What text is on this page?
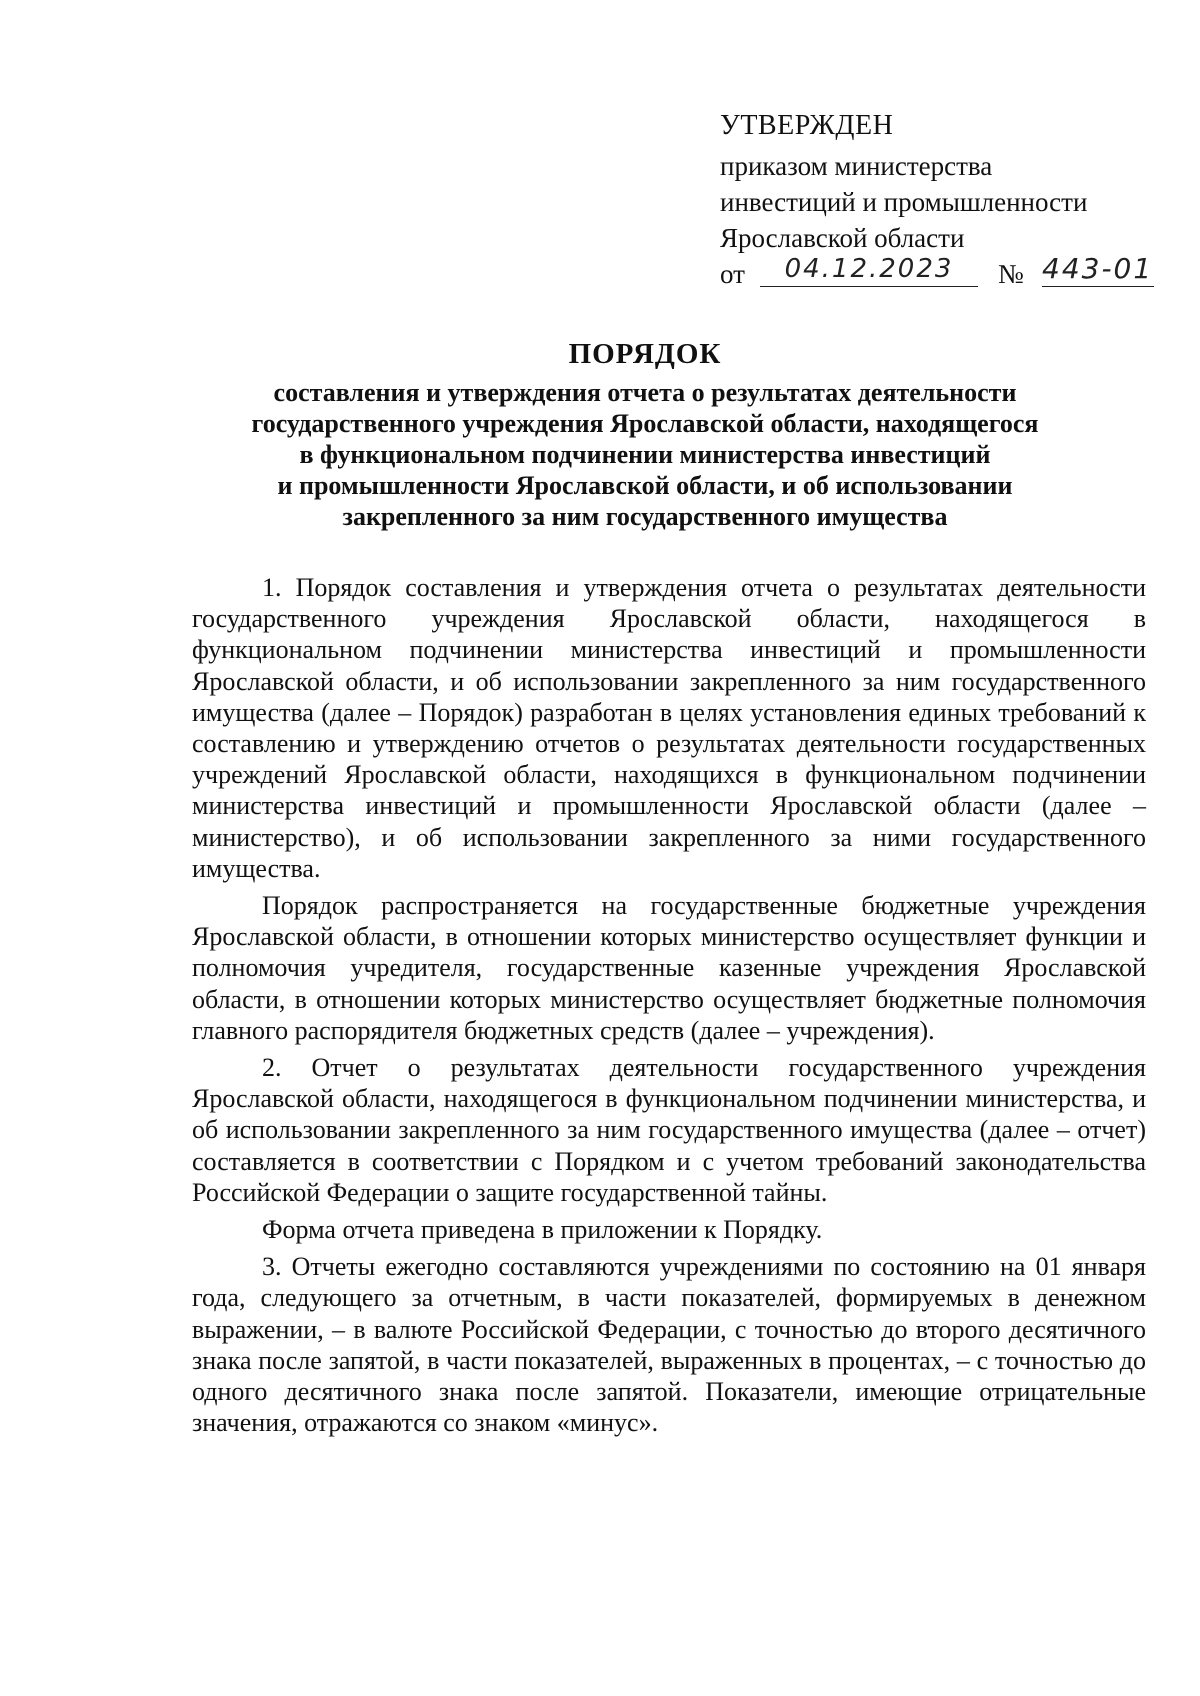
УТВЕРЖДЕН
приказом министерства
инвестиций и промышленности
Ярославской области
от	04.12.2023	№ 443-01
ПОРЯДОК
составления и утверждения отчета о результатах деятельности
государственного учреждения Ярославской области, находящегося
в функциональном подчинении министерства инвестиций
и промышленности Ярославской области, и об использовании
закрепленного за ним государственного имущества

1. Порядок составления и утверждения отчета о результатах деятельности государственного учреждения Ярославской области, находящегося в функциональном подчинении министерства инвестиций и промышленности Ярославской области, и об использовании закрепленного за ним государственного имущества (далее – Порядок) разработан в целях установления единых требований к составлению и утверждению отчетов о результатах деятельности государственных учреждений Ярославской области, находящихся в функциональном подчинении министерства инвестиций и промышленности Ярославской области (далее – министерство), и об использовании закрепленного за ними государственного имущества.

Порядок распространяется на государственные бюджетные учреждения Ярославской области, в отношении которых министерство осуществляет функции и полномочия учредителя, государственные казенные учреждения Ярославской области, в отношении которых министерство осуществляет бюджетные полномочия главного распорядителя бюджетных средств (далее – учреждения).

2. Отчет о результатах деятельности государственного учреждения Ярославской области, находящегося в функциональном подчинении министерства, и об использовании закрепленного за ним государственного имущества (далее – отчет) составляется в соответствии с Порядком и с учетом требований законодательства Российской Федерации о защите государственной тайны.

Форма отчета приведена в приложении к Порядку.

3. Отчеты ежегодно составляются учреждениями по состоянию на 01 января года, следующего за отчетным, в части показателей, формируемых в денежном выражении, – в валюте Российской Федерации, с точностью до второго десятичного знака после запятой, в части показателей, выраженных в процентах, – с точностью до одного десятичного знака после запятой. Показатели, имеющие отрицательные значения, отражаются со знаком «минус».
